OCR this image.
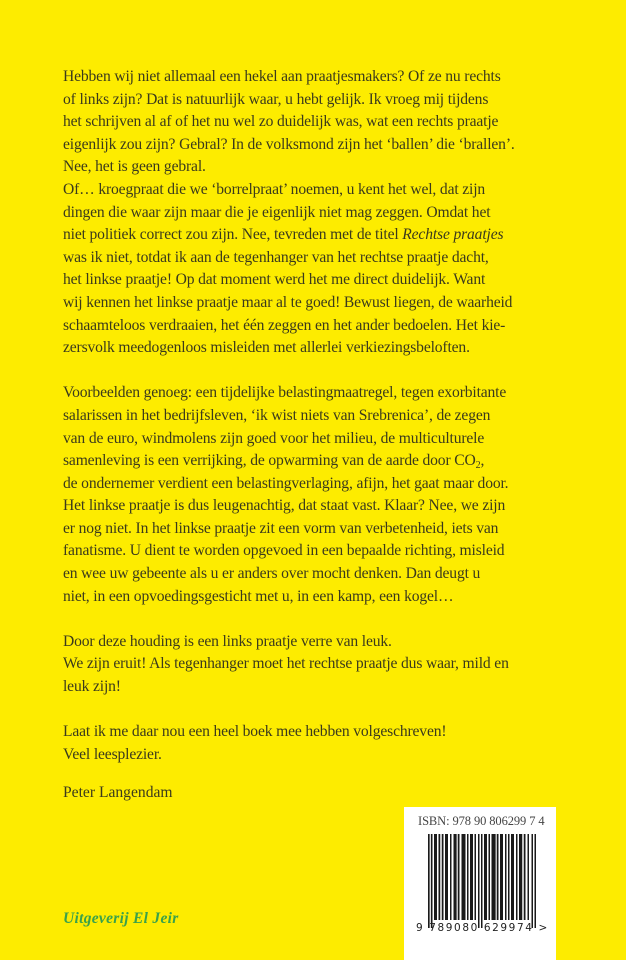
Hebben wij niet allemaal een hekel aan praatjesmakers? Of ze nu rechts
of links zijn? Dat is natuurlijk waar, u hebt gelijk. Ik vroeg mij tijdens
het schrijven al af of het nu wel zo duidelijk was, wat een rechts praatje
eigenlijk zou zijn? Gebral? In de volksmond zijn het ‘ballen’ die ‘brallen’.
Nee, het is geen gebral.
Of… kroegpraat die we ‘borrelpraat’ noemen, u kent het wel, dat zijn
dingen die waar zijn maar die je eigenlijk niet mag zeggen. Omdat het
niet politiek correct zou zijn. Nee, tevreden met de titel Rechtse praatjes
was ik niet, totdat ik aan de tegenhanger van het rechtse praatje dacht,
het linkse praatje! Op dat moment werd het me direct duidelijk. Want
wij kennen het linkse praatje maar al te goed! Bewust liegen, de waarheid
schaamteloos verdraaien, het één zeggen en het ander bedoelen. Het kie-
zersvolk meedogenloos misleiden met allerlei verkiezingsbeloften.
Voorbeelden genoeg: een tijdelijke belastingmaatregel, tegen exorbitante
salarissen in het bedrijfsleven, ‘ik wist niets van Srebrenica’, de zegen
van de euro, windmolens zijn goed voor het milieu, de multiculturele
samenleving is een verrijking, de opwarming van de aarde door $CO_2$,
de ondernemer verdient een belastingverlaging, afijn, het gaat maar door.
Het linkse praatje is dus leugenachtig, dat staat vast. Klaar? Nee, we zijn
er nog niet. In het linkse praatje zit een vorm van verbetenheid, iets van
fanatisme. U dient te worden opgevoed in een bepaalde richting, misleid
en wee uw gebeente als u er anders over mocht denken. Dan deugt u
niet, in een opvoedingsgesticht met u, in een kamp, een kogel…
Door deze houding is een links praatje verre van leuk.
We zijn eruit! Als tegenhanger moet het rechtse praatje dus waar, mild en
leuk zijn!
Laat ik me daar nou een heel boek mee hebben volgeschreven!
Veel leesplezier.
Peter Langendam
Uitgeverij El Jeir
ISBN: 978 90 806299 7 4
9 789080 629974 >
